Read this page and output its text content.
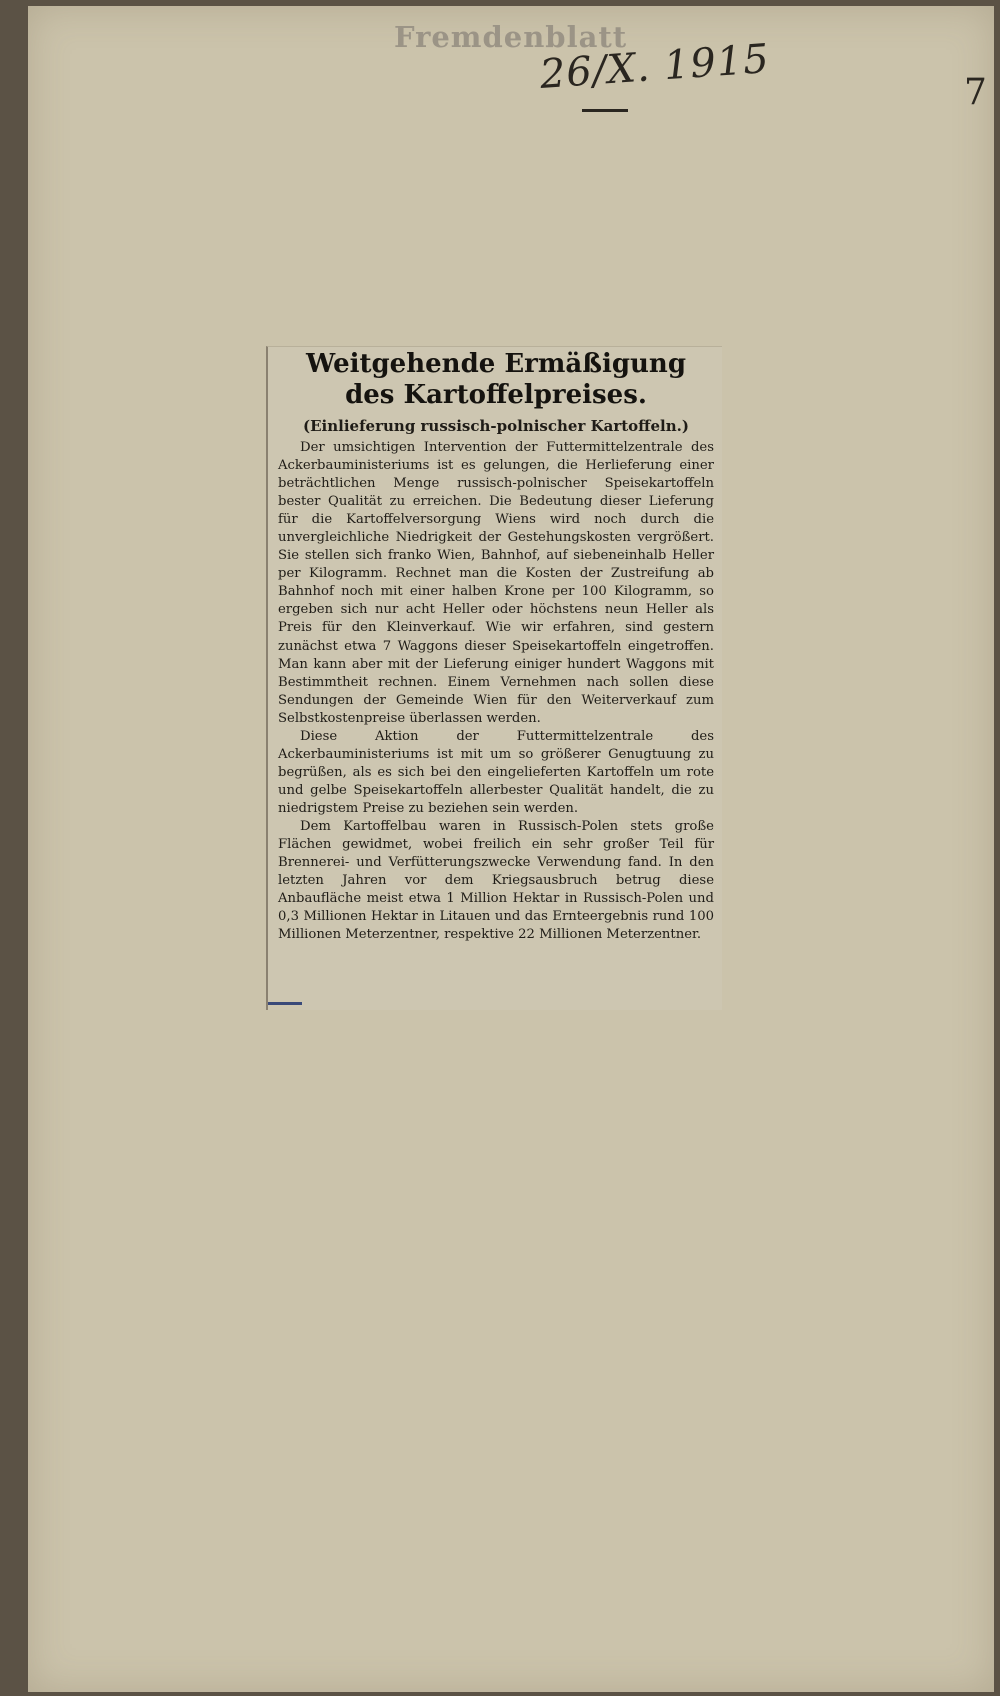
Fremdenblatt
26/X. 1915	7
Weitgehende Ermäßigung des Kartoffelpreises.
(Einlieferung russisch-polnischer Kartoffeln.)

Der umsichtigen Intervention der Futtermittelzentrale des Ackerbauministeriums ist es gelungen, die Herlieferung einer beträchtlichen Menge russisch-polnischer Speisekartoffeln bester Qualität zu erreichen. Die Bedeutung dieser Lieferung für die Kartoffelversorgung Wiens wird noch durch die unvergleichliche Niedrigkeit der Gestehungskosten vergrößert. Sie stellen sich franko Wien, Bahnhof, auf siebeneinhalb Heller per Kilogramm. Rechnet man die Kosten der Zustreifung ab Bahnhof noch mit einer halben Krone per 100 Kilogramm, so ergeben sich nur acht Heller oder höchstens neun Heller als Preis für den Kleinverkauf. Wie wir erfahren, sind gestern zunächst etwa 7 Waggons dieser Speisekartoffeln eingetroffen. Man kann aber mit der Lieferung einiger hundert Waggons mit Bestimmtheit rechnen. Einem Vernehmen nach sollen diese Sendungen der Gemeinde Wien für den Weiterverkauf zum Selbstkostenpreise überlassen werden.

Diese Aktion der Futtermittelzentrale des Ackerbauministeriums ist mit um so größerer Genugtuung zu begrüßen, als es sich bei den eingelieferten Kartoffeln um rote und gelbe Speisekartoffeln allerbester Qualität handelt, die zu niedrigstem Preise zu beziehen sein werden.

Dem Kartoffelbau waren in Russisch-Polen stets große Flächen gewidmet, wobei freilich ein sehr großer Teil für Brennerei- und Verfütterungszwecke Verwendung fand. In den letzten Jahren vor dem Kriegsausbruch betrug diese Anbaufläche meist etwa 1 Million Hektar in Russisch-Polen und 0,3 Millionen Hektar in Litauen und das Ernteergebnis rund 100 Millionen Meterzentner, respektive 22 Millionen Meterzentner.
